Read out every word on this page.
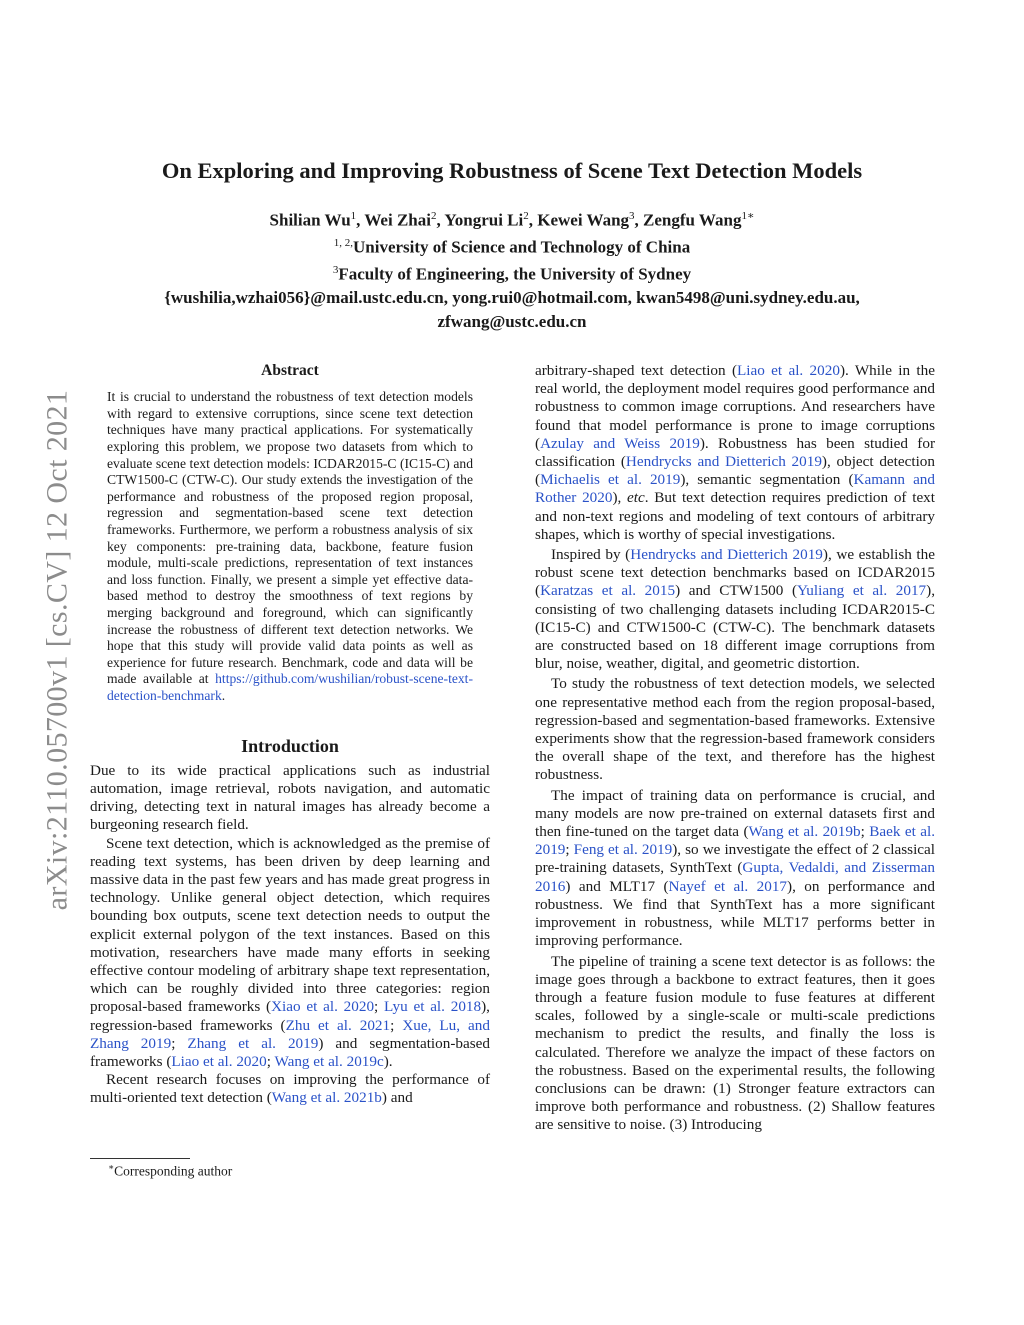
arXiv:2110.05700v1 [cs.CV] 12 Oct 2021
On Exploring and Improving Robustness of Scene Text Detection Models
Shilian Wu$^1$, Wei Zhai$^2$, Yongrui Li$^2$, Kewei Wang$^3$, Zengfu Wang$^{1∗}$
$^{1, 2,}$University of Science and Technology of China
$^3$Faculty of Engineering, the University of Sydney
{wushilia,wzhai056}@mail.ustc.edu.cn, yong.rui0@hotmail.com, kwan5498@uni.sydney.edu.au,
zfwang@ustc.edu.cn
Abstract
It is crucial to understand the robustness of text detection models with regard to extensive corruptions, since scene text detection techniques have many practical applications. For systematically exploring this problem, we propose two datasets from which to evaluate scene text detection models: ICDAR2015-C (IC15-C) and CTW1500-C (CTW-C). Our study extends the investigation of the performance and robustness of the proposed region proposal, regression and segmentation-based scene text detection frameworks. Furthermore, we perform a robustness analysis of six key components: pre-training data, backbone, feature fusion module, multi-scale predictions, representation of text instances and loss function. Finally, we present a simple yet effective data-based method to destroy the smoothness of text regions by merging background and foreground, which can significantly increase the robustness of different text detection networks. We hope that this study will provide valid data points as well as experience for future research. Benchmark, code and data will be made available at https://github.com/wushilian/robust-scene-text-detection-benchmark.
Introduction

Due to its wide practical applications such as industrial automation, image retrieval, robots navigation, and automatic driving, detecting text in natural images has already become a burgeoning research field.

Scene text detection, which is acknowledged as the premise of reading text systems, has been driven by deep learning and massive data in the past few years and has made great progress in technology. Unlike general object detection, which requires bounding box outputs, scene text detection needs to output the explicit external polygon of the text instances. Based on this motivation, researchers have made many efforts in seeking effective contour modeling of arbitrary shape text representation, which can be roughly divided into three categories: region proposal-based frameworks (Xiao et al. 2020; Lyu et al. 2018), regression-based frameworks (Zhu et al. 2021; Xue, Lu, and Zhang 2019; Zhang et al. 2019) and segmentation-based frameworks (Liao et al. 2020; Wang et al. 2019c).

Recent research focuses on improving the performance of multi-oriented text detection (Wang et al. 2021b) and

arbitrary-shaped text detection (Liao et al. 2020). While in the real world, the deployment model requires good performance and robustness to common image corruptions. And researchers have found that model performance is prone to image corruptions (Azulay and Weiss 2019). Robustness has been studied for classification (Hendrycks and Dietterich 2019), object detection (Michaelis et al. 2019), semantic segmentation (Kamann and Rother 2020), etc. But text detection requires prediction of text and non-text regions and modeling of text contours of arbitrary shapes, which is worthy of special investigations.

Inspired by (Hendrycks and Dietterich 2019), we establish the robust scene text detection benchmarks based on ICDAR2015 (Karatzas et al. 2015) and CTW1500 (Yuliang et al. 2017), consisting of two challenging datasets including ICDAR2015-C (IC15-C) and CTW1500-C (CTW-C). The benchmark datasets are constructed based on 18 different image corruptions from blur, noise, weather, digital, and geometric distortion.

To study the robustness of text detection models, we selected one representative method each from the region proposal-based, regression-based and segmentation-based frameworks. Extensive experiments show that the regression-based framework considers the overall shape of the text, and therefore has the highest robustness.

The impact of training data on performance is crucial, and many models are now pre-trained on external datasets first and then fine-tuned on the target data (Wang et al. 2019b; Baek et al. 2019; Feng et al. 2019), so we investigate the effect of 2 classical pre-training datasets, SynthText (Gupta, Vedaldi, and Zisserman 2016) and MLT17 (Nayef et al. 2017), on performance and robustness. We find that SynthText has a more significant improvement in robustness, while MLT17 performs better in improving performance.

The pipeline of training a scene text detector is as follows: the image goes through a backbone to extract features, then it goes through a feature fusion module to fuse features at different scales, followed by a single-scale or multi-scale predictions mechanism to predict the results, and finally the loss is calculated. Therefore we analyze the impact of these factors on the robustness. Based on the experimental results, the following conclusions can be drawn: (1) Stronger feature extractors can improve both performance and robustness. (2) Shallow features are sensitive to noise. (3) Introducing

∗Corresponding author
